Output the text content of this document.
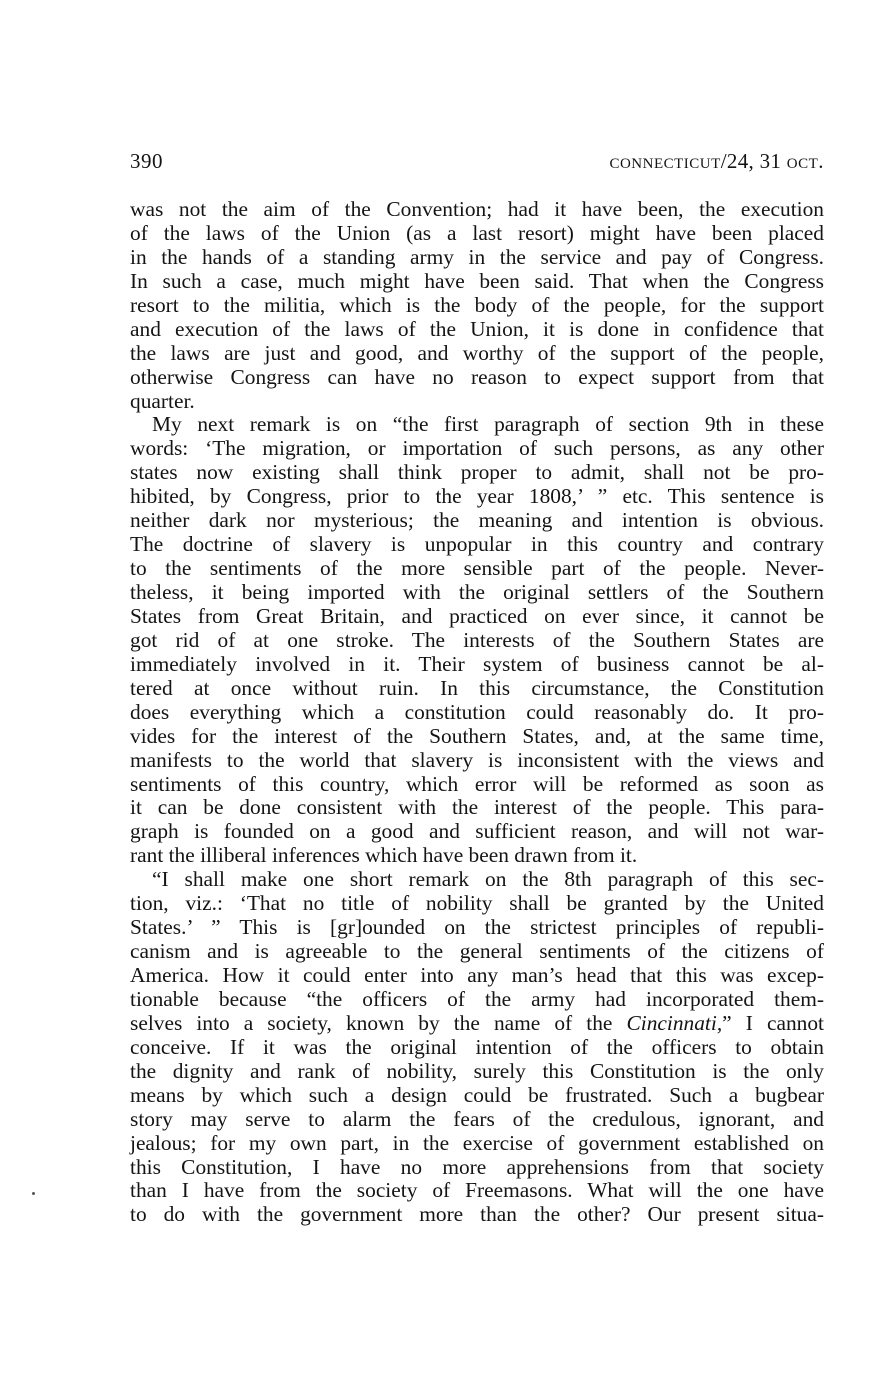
390	connecticut/24, 31 oct.
was not the aim of the Convention; had it have been, the execution
of the laws of the Union (as a last resort) might have been placed
in the hands of a standing army in the service and pay of Congress.
In such a case, much might have been said. That when the Congress
resort to the militia, which is the body of the people, for the support
and execution of the laws of the Union, it is done in confidence that
the laws are just and good, and worthy of the support of the people,
otherwise Congress can have no reason to expect support from that
quarter.
My next remark is on “the first paragraph of section 9th in these
words: ‘The migration, or importation of such persons, as any other
states now existing shall think proper to admit, shall not be pro-
hibited, by Congress, prior to the year 1808,’ ” etc. This sentence is
neither dark nor mysterious; the meaning and intention is obvious.
The doctrine of slavery is unpopular in this country and contrary
to the sentiments of the more sensible part of the people. Never-
theless, it being imported with the original settlers of the Southern
States from Great Britain, and practiced on ever since, it cannot be
got rid of at one stroke. The interests of the Southern States are
immediately involved in it. Their system of business cannot be al-
tered at once without ruin. In this circumstance, the Constitution
does everything which a constitution could reasonably do. It pro-
vides for the interest of the Southern States, and, at the same time,
manifests to the world that slavery is inconsistent with the views and
sentiments of this country, which error will be reformed as soon as
it can be done consistent with the interest of the people. This para-
graph is founded on a good and sufficient reason, and will not war-
rant the illiberal inferences which have been drawn from it.
“I shall make one short remark on the 8th paragraph of this sec-
tion, viz.: ‘That no title of nobility shall be granted by the United
States.’ ” This is [gr]ounded on the strictest principles of republi-
canism and is agreeable to the general sentiments of the citizens of
America. How it could enter into any man’s head that this was excep-
tionable because “the officers of the army had incorporated them-
selves into a society, known by the name of the Cincinnati,” I cannot
conceive. If it was the original intention of the officers to obtain
the dignity and rank of nobility, surely this Constitution is the only
means by which such a design could be frustrated. Such a bugbear
story may serve to alarm the fears of the credulous, ignorant, and
jealous; for my own part, in the exercise of government established on
this Constitution, I have no more apprehensions from that society
than I have from the society of Freemasons. What will the one have
to do with the government more than the other? Our present situa-
